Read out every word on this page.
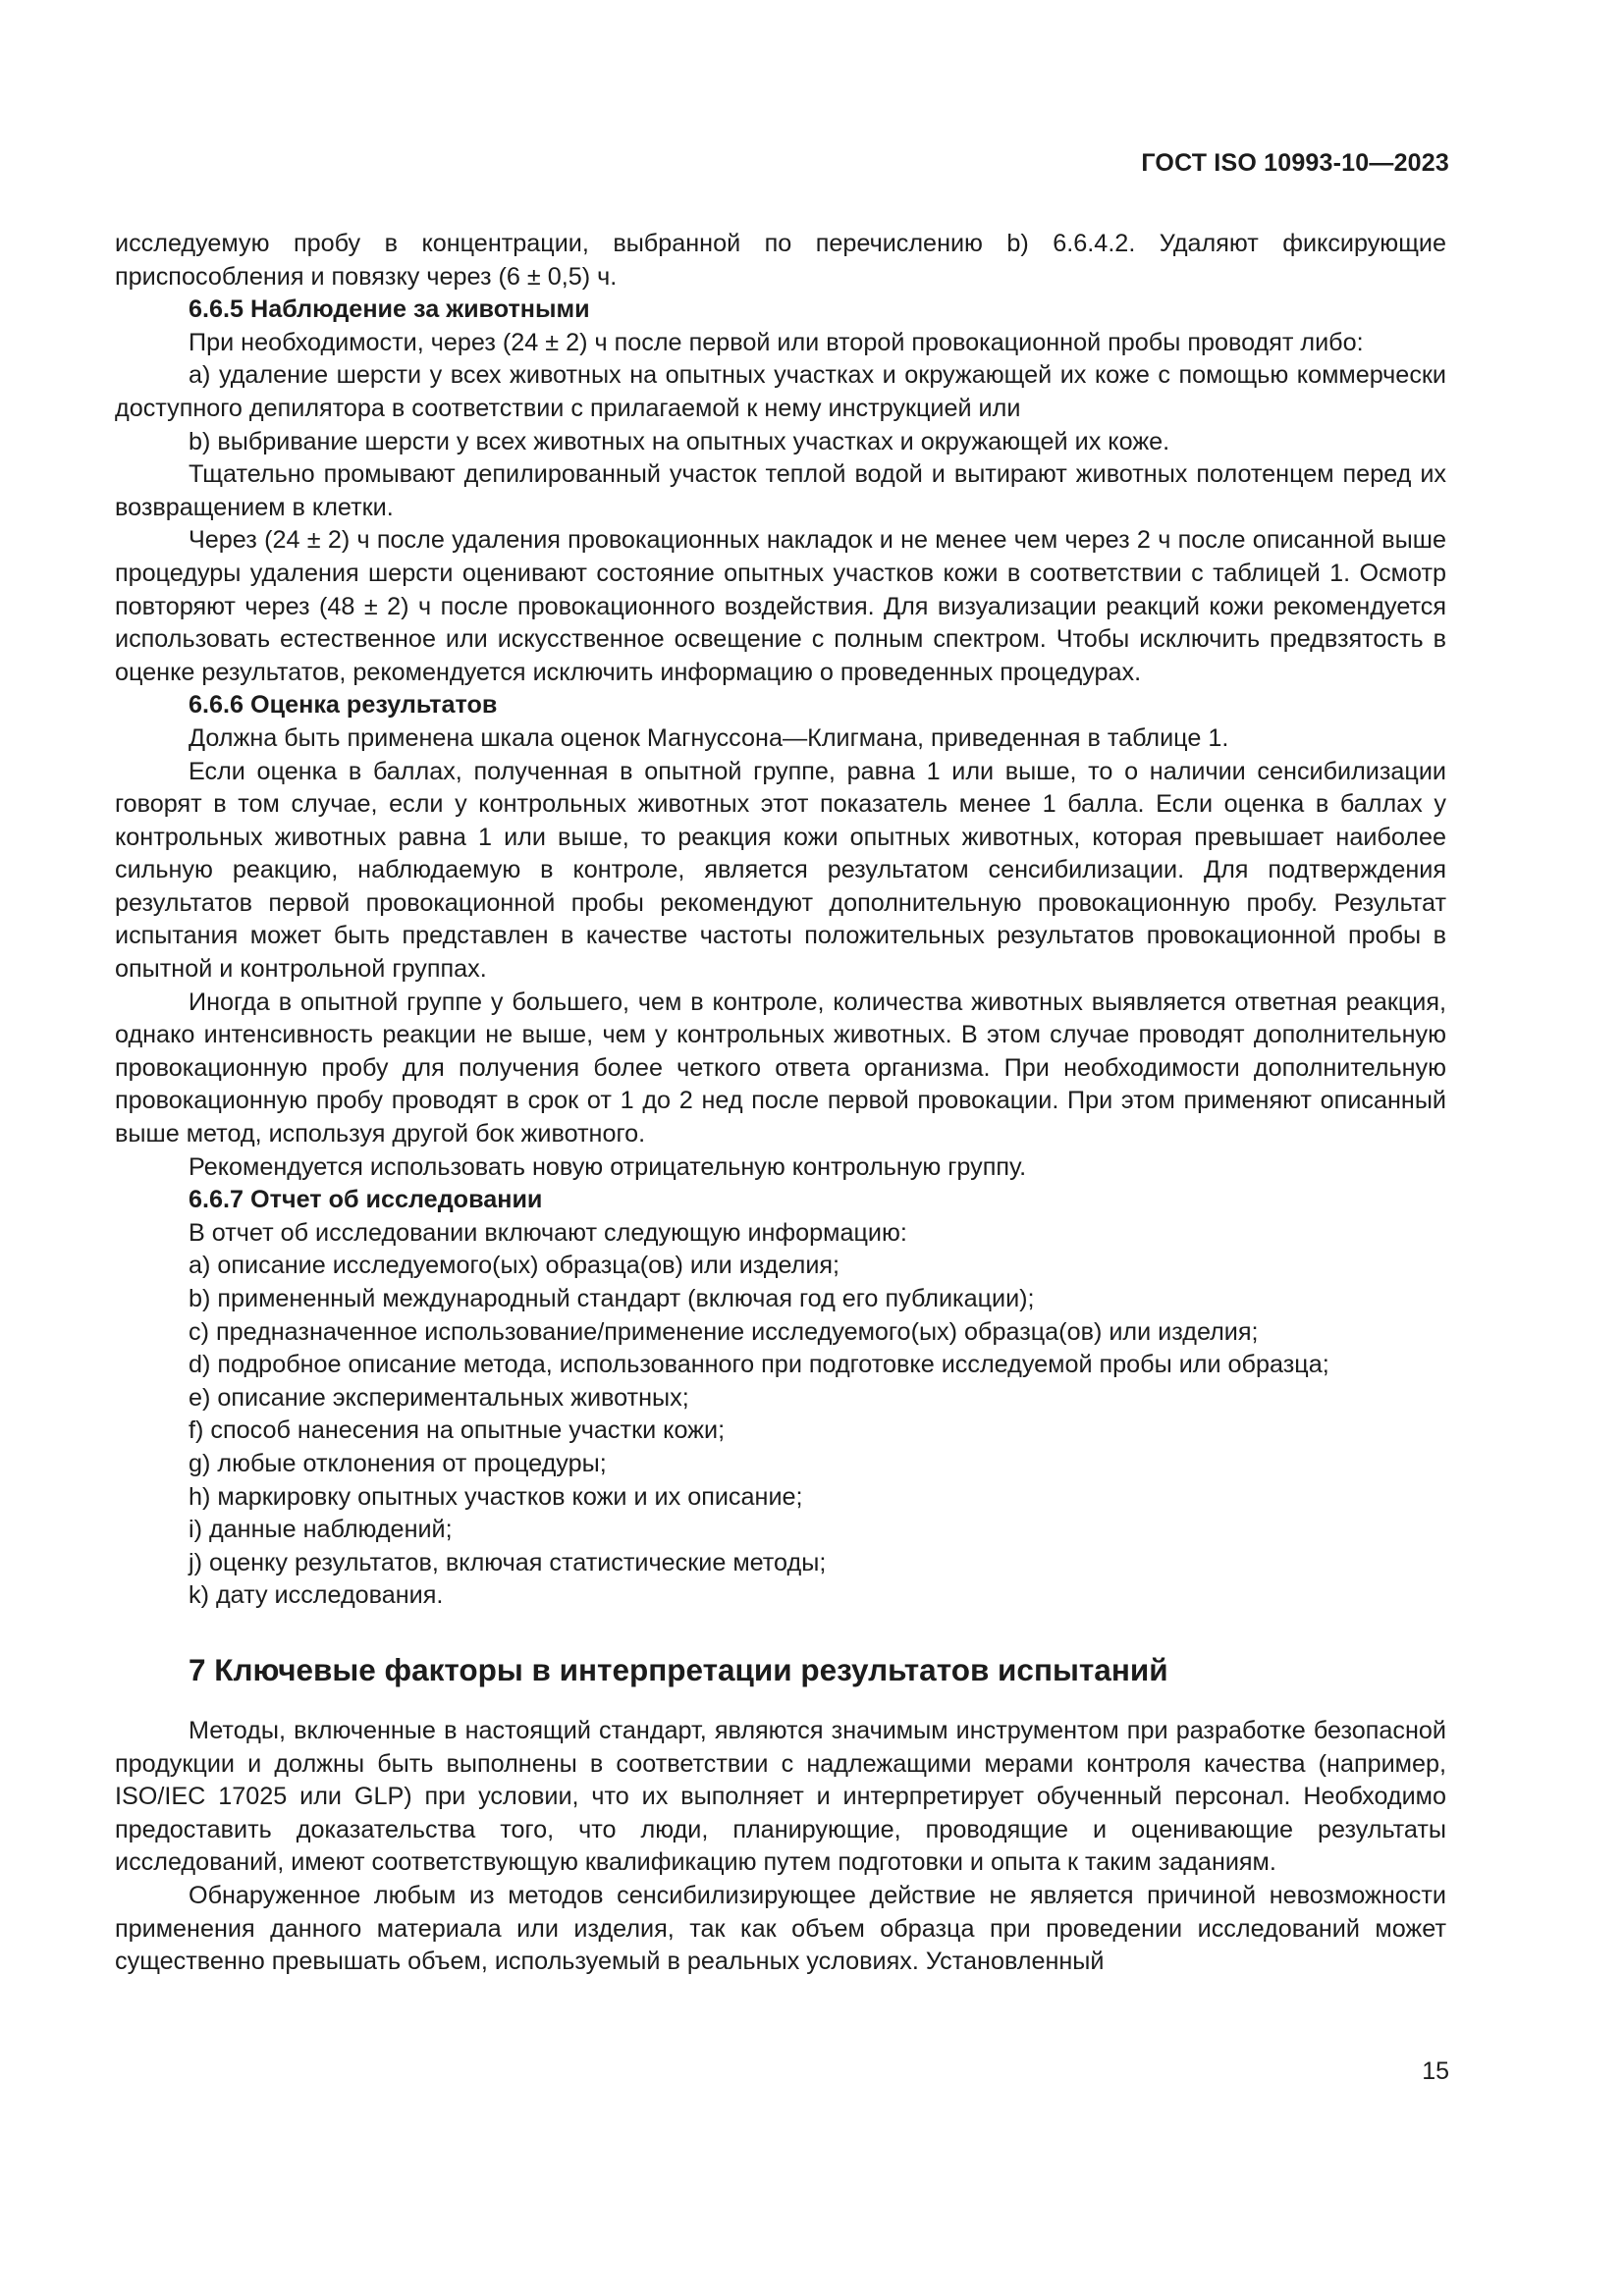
ГОСТ ISO 10993-10—2023

исследуемую пробу в концентрации, выбранной по перечислению b) 6.6.4.2. Удаляют фиксирующие приспособления и повязку через (6 ± 0,5) ч.

6.6.5 Наблюдение за животными

При необходимости, через (24 ± 2) ч после первой или второй провокационной пробы проводят либо:

а) удаление шерсти у всех животных на опытных участках и окружающей их коже с помощью коммерчески доступного депилятора в соответствии с прилагаемой к нему инструкцией или

b) выбривание шерсти у всех животных на опытных участках и окружающей их коже.

Тщательно промывают депилированный участок теплой водой и вытирают животных полотенцем перед их возвращением в клетки.

Через (24 ± 2) ч после удаления провокационных накладок и не менее чем через 2 ч после описанной выше процедуры удаления шерсти оценивают состояние опытных участков кожи в соответствии с таблицей 1. Осмотр повторяют через (48 ± 2) ч после провокационного воздействия. Для визуализации реакций кожи рекомендуется использовать естественное или искусственное освещение с полным спектром. Чтобы исключить предвзятость в оценке результатов, рекомендуется исключить информацию о проведенных процедурах.

6.6.6 Оценка результатов

Должна быть применена шкала оценок Магнуссона—Клигмана, приведенная в таблице 1.

Если оценка в баллах, полученная в опытной группе, равна 1 или выше, то о наличии сенсибилизации говорят в том случае, если у контрольных животных этот показатель менее 1 балла. Если оценка в баллах у контрольных животных равна 1 или выше, то реакция кожи опытных животных, которая превышает наиболее сильную реакцию, наблюдаемую в контроле, является результатом сенсибилизации. Для подтверждения результатов первой провокационной пробы рекомендуют дополнительную провокационную пробу. Результат испытания может быть представлен в качестве частоты положительных результатов провокационной пробы в опытной и контрольной группах.

Иногда в опытной группе у большего, чем в контроле, количества животных выявляется ответная реакция, однако интенсивность реакции не выше, чем у контрольных животных. В этом случае проводят дополнительную провокационную пробу для получения более четкого ответа организма. При необходимости дополнительную провокационную пробу проводят в срок от 1 до 2 нед после первой провокации. При этом применяют описанный выше метод, используя другой бок животного.

Рекомендуется использовать новую отрицательную контрольную группу.

6.6.7 Отчет об исследовании

В отчет об исследовании включают следующую информацию:

a) описание исследуемого(ых) образца(ов) или изделия;

b) примененный международный стандарт (включая год его публикации);

c) предназначенное использование/применение исследуемого(ых) образца(ов) или изделия;

d) подробное описание метода, использованного при подготовке исследуемой пробы или образца;

e) описание экспериментальных животных;

f) способ нанесения на опытные участки кожи;

g) любые отклонения от процедуры;

h) маркировку опытных участков кожи и их описание;

i) данные наблюдений;

j) оценку результатов, включая статистические методы;

k) дату исследования.

7 Ключевые факторы в интерпретации результатов испытаний

Методы, включенные в настоящий стандарт, являются значимым инструментом при разработке безопасной продукции и должны быть выполнены в соответствии с надлежащими мерами контроля качества (например, ISO/IEC 17025 или GLP) при условии, что их выполняет и интерпретирует обученный персонал. Необходимо предоставить доказательства того, что люди, планирующие, проводящие и оценивающие результаты исследований, имеют соответствующую квалификацию путем подготовки и опыта к таким заданиям.

Обнаруженное любым из методов сенсибилизирующее действие не является причиной невозможности применения данного материала или изделия, так как объем образца при проведении исследований может существенно превышать объем, используемый в реальных условиях. Установленный

15
